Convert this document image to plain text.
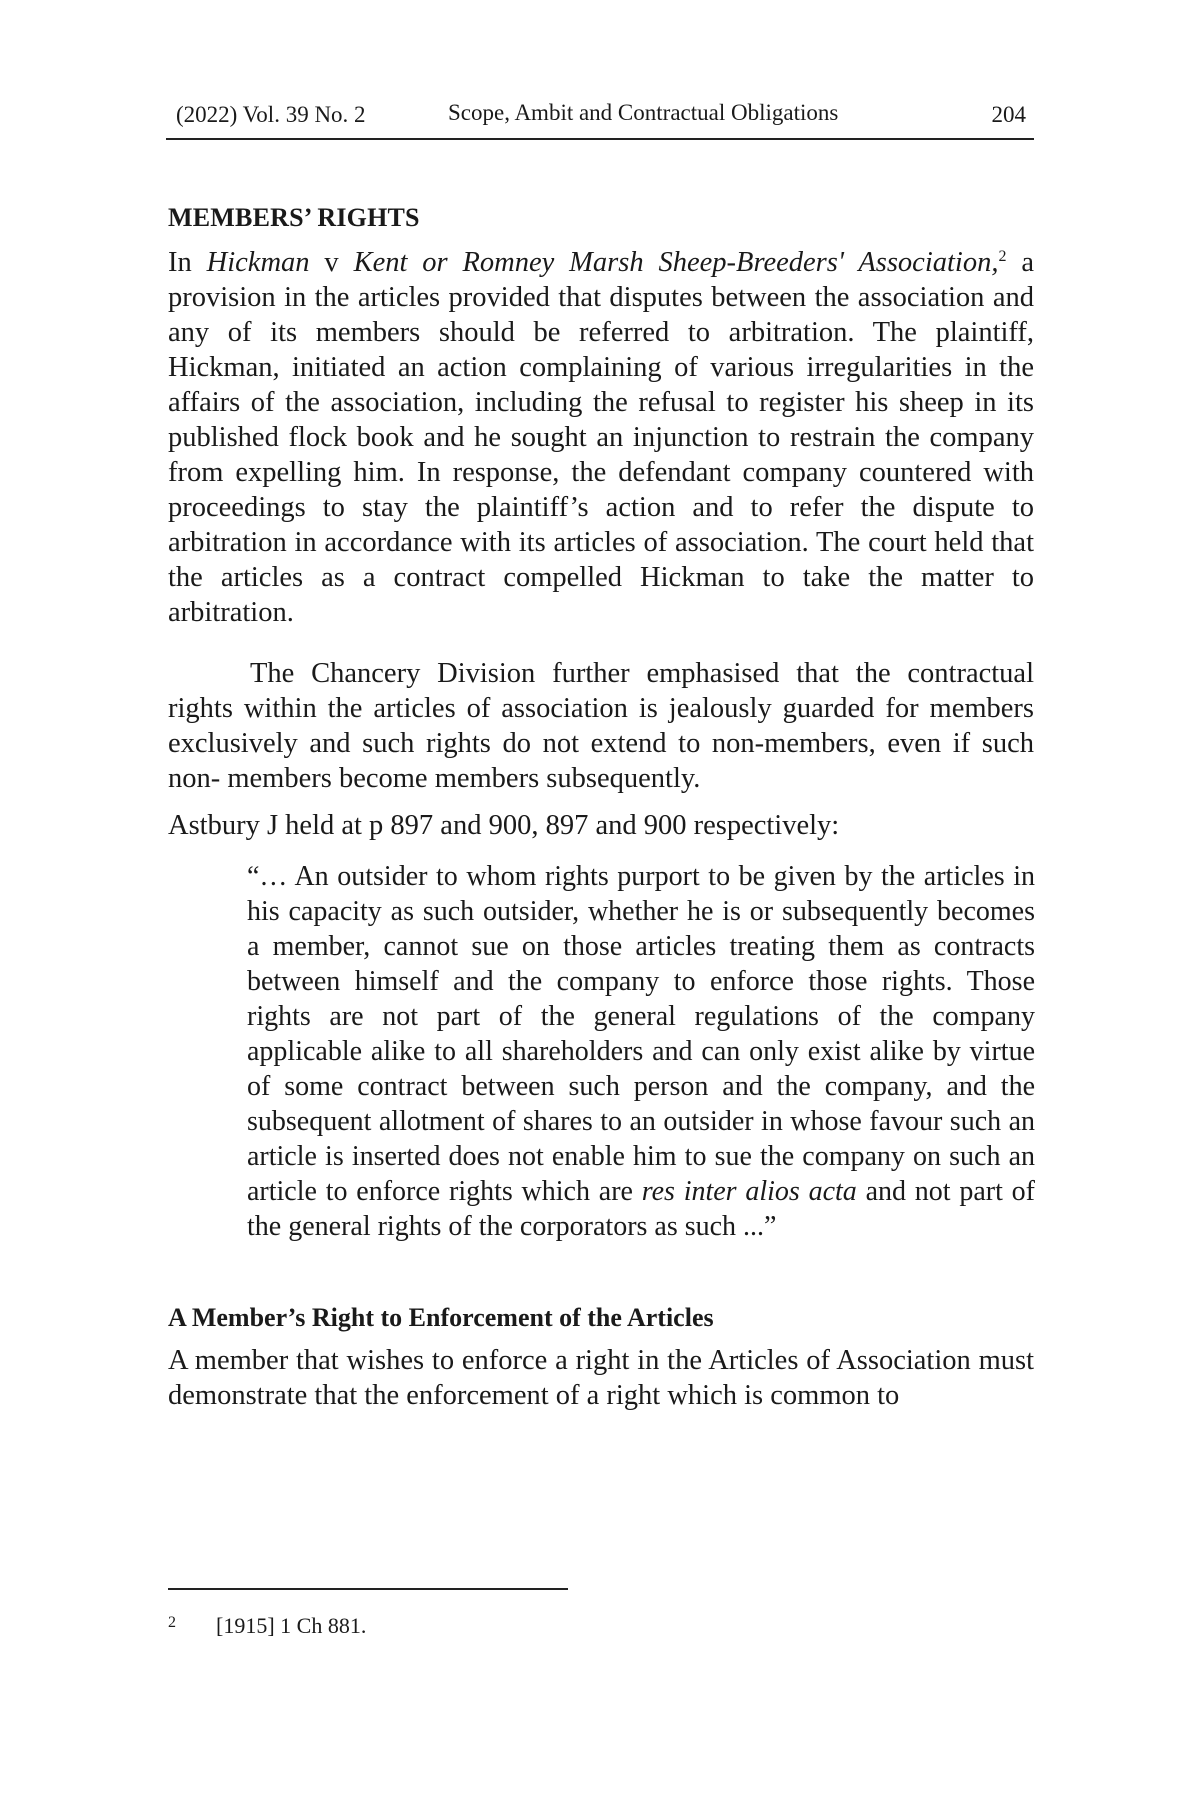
(2022) Vol. 39 No. 2	Scope, Ambit and Contractual Obligations	204
MEMBERS’ RIGHTS

In Hickman v Kent or Romney Marsh Sheep-Breeders' Association,$^2$ a provision in the articles provided that disputes between the association and any of its members should be referred to arbitration. The plaintiff, Hickman, initiated an action complaining of various irregularities in the affairs of the association, including the refusal to register his sheep in its published flock book and he sought an injunction to restrain the company from expelling him. In response, the defendant company countered with proceedings to stay the plaintiff’s action and to refer the dispute to arbitration in accordance with its articles of association. The court held that the articles as a contract compelled Hickman to take the matter to arbitration.

The Chancery Division further emphasised that the contractual rights within the articles of association is jealously guarded for members exclusively and such rights do not extend to non-members, even if such non- members become members subsequently.

Astbury J held at p 897 and 900, 897 and 900 respectively:

“… An outsider to whom rights purport to be given by the articles in his capacity as such outsider, whether he is or subsequently becomes a member, cannot sue on those articles treating them as contracts between himself and the company to enforce those rights. Those rights are not part of the general regulations of the company applicable alike to all shareholders and can only exist alike by virtue of some contract between such person and the company, and the subsequent allotment of shares to an outsider in whose favour such an article is inserted does not enable him to sue the company on such an article to enforce rights which are res inter alios acta and not part of the general rights of the corporators as such ...”
A Member’s Right to Enforcement of the Articles

A member that wishes to enforce a right in the Articles of Association must demonstrate that the enforcement of a right which is common to

2 [1915] 1 Ch 881.
